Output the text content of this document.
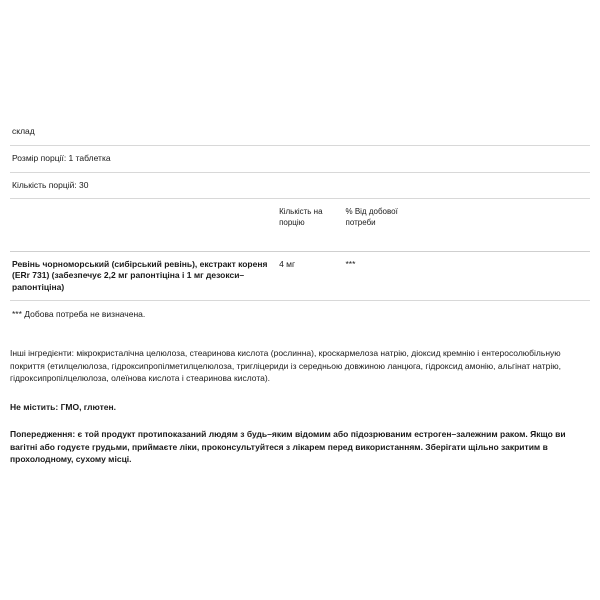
склад			
Розмір порції: 1 таблетка			
Кількість порцій: 30			
	Кількість на порцію	% Від добової потреби	
Ревінь чорноморський (сибірський ревінь), екстракт кореня (ERr 731) (забезпечує 2,2 мг рапонтіціна і 1 мг дезокси–рапонтіціна)	4 мг	***	
*** Добова потреба не визначена.			

Інші інгредієнти: мікрокристалічна целюлоза, стеаринова кислота (рослинна), кроскармелоза натрію, діоксид кремнію і ентеросолюбільную покриття (етилцелюлоза, гідроксипропілметилцелюлоза, тригліцериди із середньою довжиною ланцюга, гідроксид амонію, альгінат натрію, гідроксипропілцелюлоза, олеїнова кислота і стеаринова кислота).

Не містить: ГМО, глютен.

Попередження: є той продукт протипоказаний людям з будь–яким відомим або підозрюваним естроген–залежним раком. Якщо ви вагітні або годуєте грудьми, приймаєте ліки, проконсультуйтеся з лікарем перед використанням. Зберігати щільно закритим в прохолодному, сухому місці.
